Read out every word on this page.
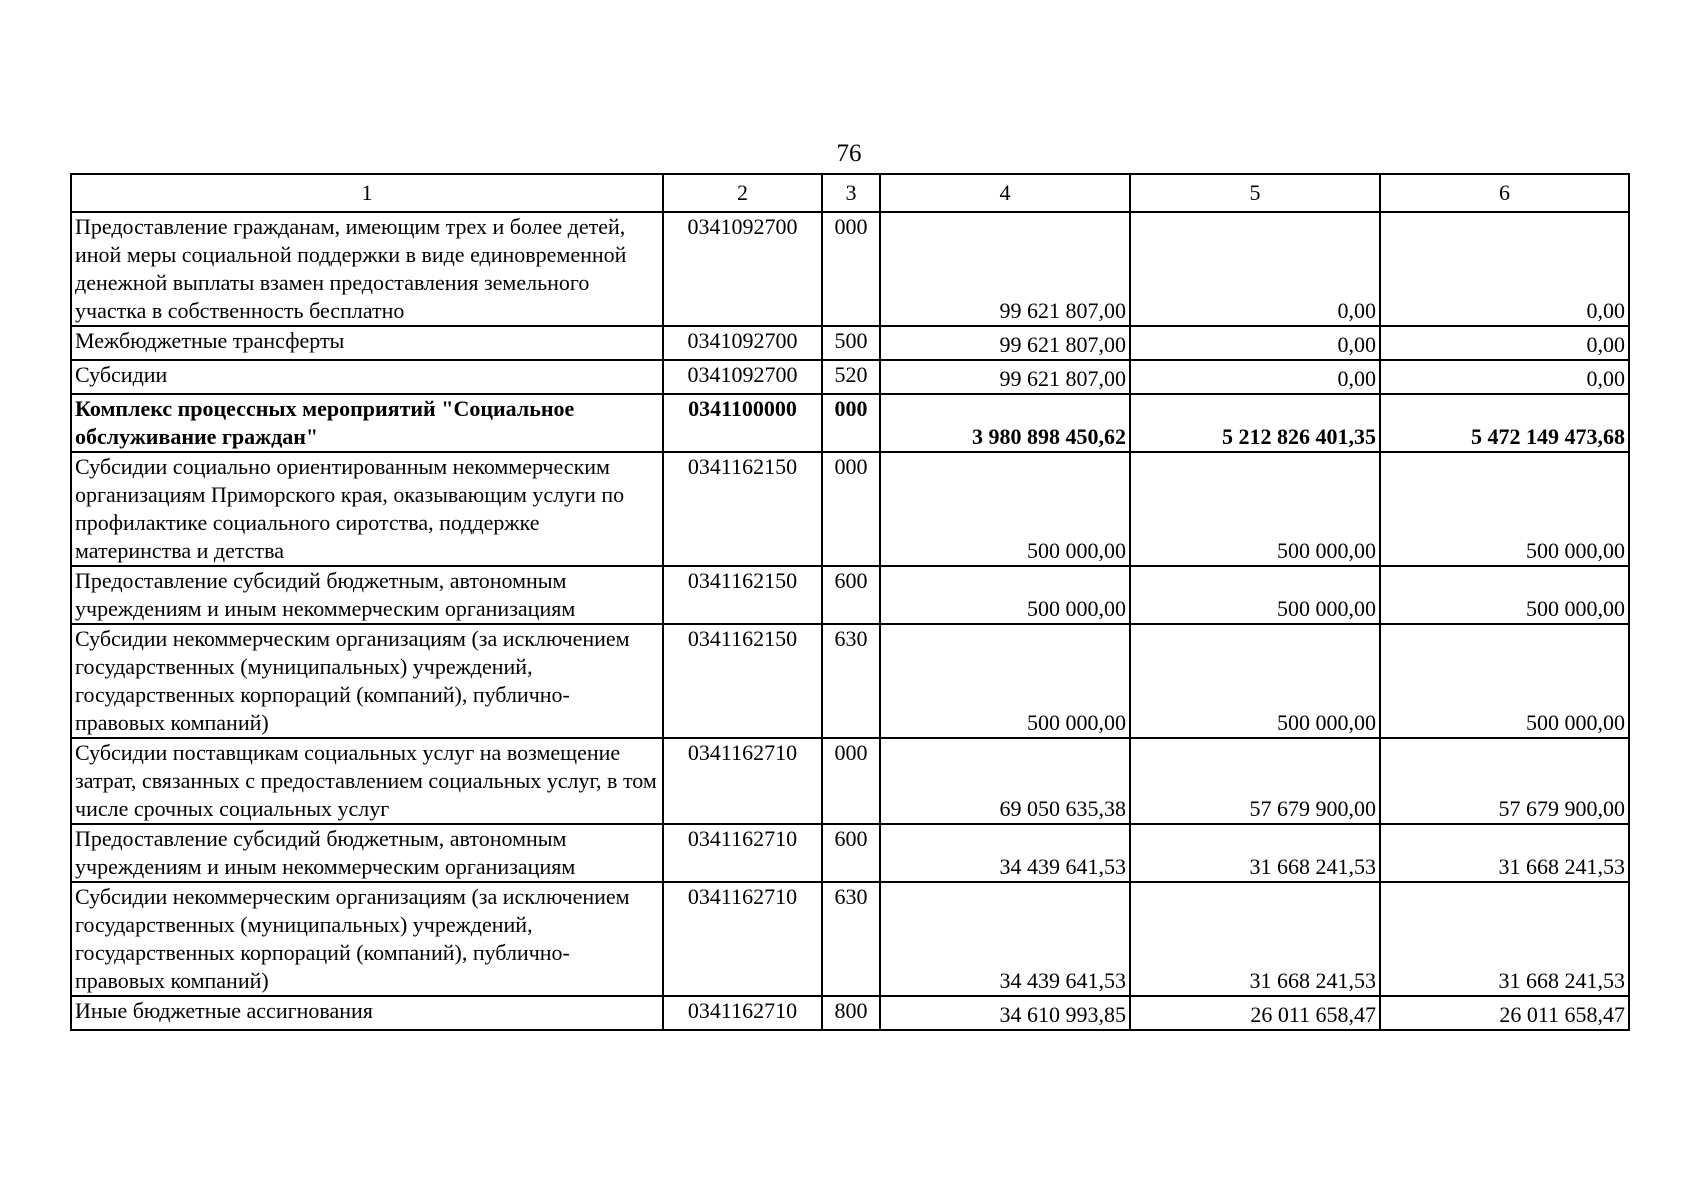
76
1	2	3	4	5	6
Предоставление гражданам, имеющим трех и более детей, иной меры социальной поддержки в виде единовременной денежной выплаты взамен предоставления земельного участка в собственность бесплатно	0341092700	000	99 621 807,00	0,00	0,00
Межбюджетные трансферты	0341092700	500	99 621 807,00	0,00	0,00
Субсидии	0341092700	520	99 621 807,00	0,00	0,00
Комплекс процессных мероприятий "Социальное обслуживание граждан"	0341100000	000	3 980 898 450,62	5 212 826 401,35	5 472 149 473,68
Субсидии социально ориентированным некоммерческим организациям Приморского края, оказывающим услуги по профилактике социального сиротства, поддержке материнства и детства	0341162150	000	500 000,00	500 000,00	500 000,00
Предоставление субсидий бюджетным, автономным учреждениям и иным некоммерческим организациям	0341162150	600	500 000,00	500 000,00	500 000,00
Субсидии некоммерческим организациям (за исключением государственных (муниципальных) учреждений, государственных корпораций (компаний), публично-правовых компаний)	0341162150	630	500 000,00	500 000,00	500 000,00
Субсидии поставщикам социальных услуг на возмещение затрат, связанных с предоставлением социальных услуг, в том числе срочных социальных услуг	0341162710	000	69 050 635,38	57 679 900,00	57 679 900,00
Предоставление субсидий бюджетным, автономным учреждениям и иным некоммерческим организациям	0341162710	600	34 439 641,53	31 668 241,53	31 668 241,53
Субсидии некоммерческим организациям (за исключением государственных (муниципальных) учреждений, государственных корпораций (компаний), публично-правовых компаний)	0341162710	630	34 439 641,53	31 668 241,53	31 668 241,53
Иные бюджетные ассигнования	0341162710	800	34 610 993,85	26 011 658,47	26 011 658,47
